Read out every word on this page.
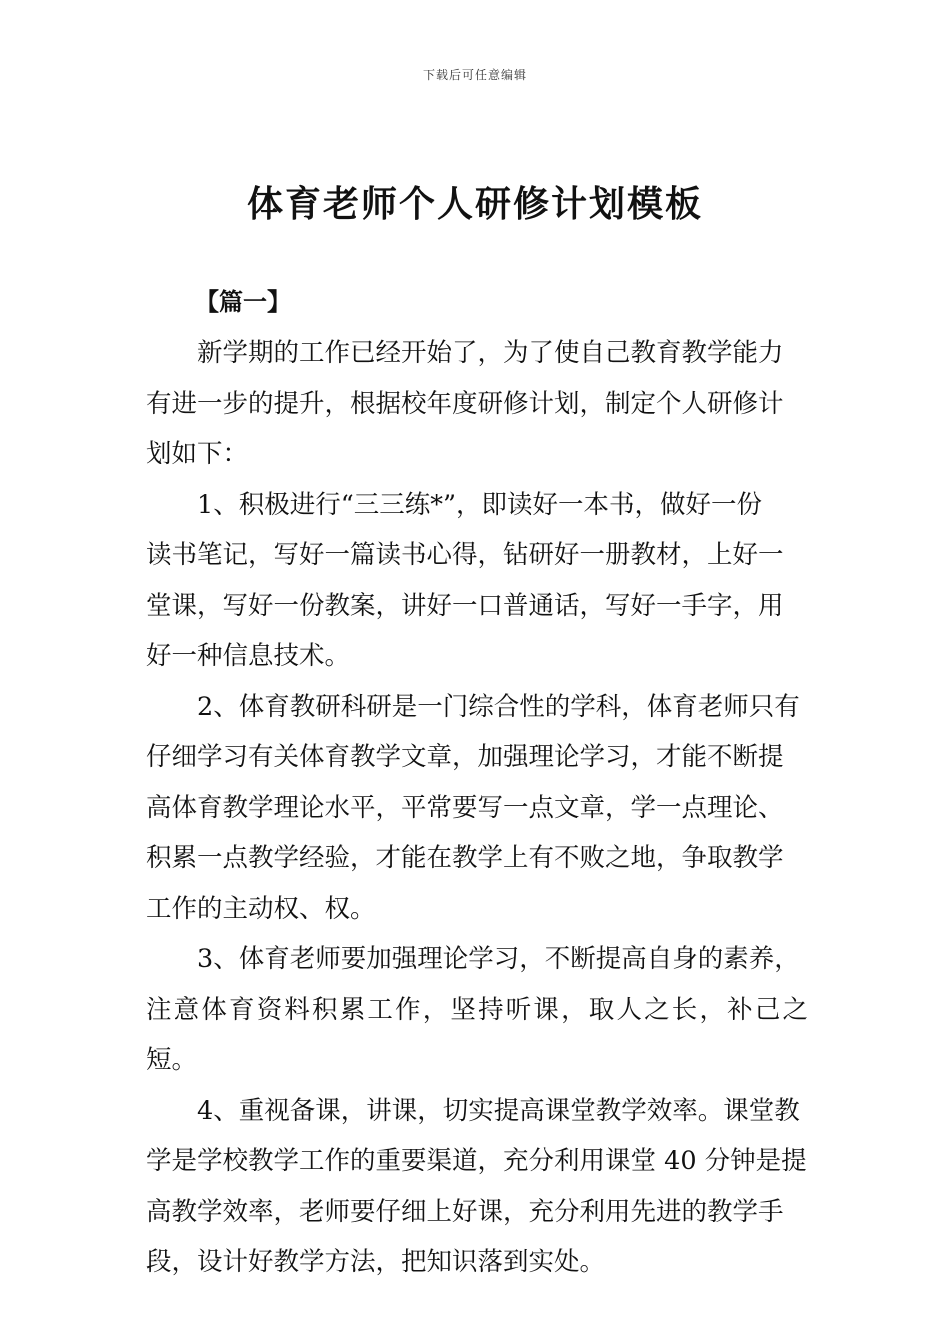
下载后可任意编辑
体育老师个人研修计划模板
【篇一】

新学期的工作已经开始了，为了使自己教育教学能力
有进一步的提升，根据校年度研修计划，制定个人研修计
划如下：

1、积极进行“三三练*”，即读好一本书，做好一份
读书笔记，写好一篇读书心得，钻研好一册教材，上好一
堂课，写好一份教案，讲好一口普通话，写好一手字，用
好一种信息技术。

2、体育教研科研是一门综合性的学科，体育老师只有
仔细学习有关体育教学文章，加强理论学习，才能不断提
高体育教学理论水平，平常要写一点文章，学一点理论、
积累一点教学经验，才能在教学上有不败之地，争取教学
工作的主动权、权。

3、体育老师要加强理论学习，不断提高自身的素养，
注意体育资料积累工作，坚持听课，取人之长，补己之短。

4、重视备课，讲课，切实提高课堂教学效率。课堂教
学是学校教学工作的重要渠道，充分利用课堂 40 分钟是提
高教学效率，老师要仔细上好课，充分利用先进的教学手
段，设计好教学方法，把知识落到实处。
